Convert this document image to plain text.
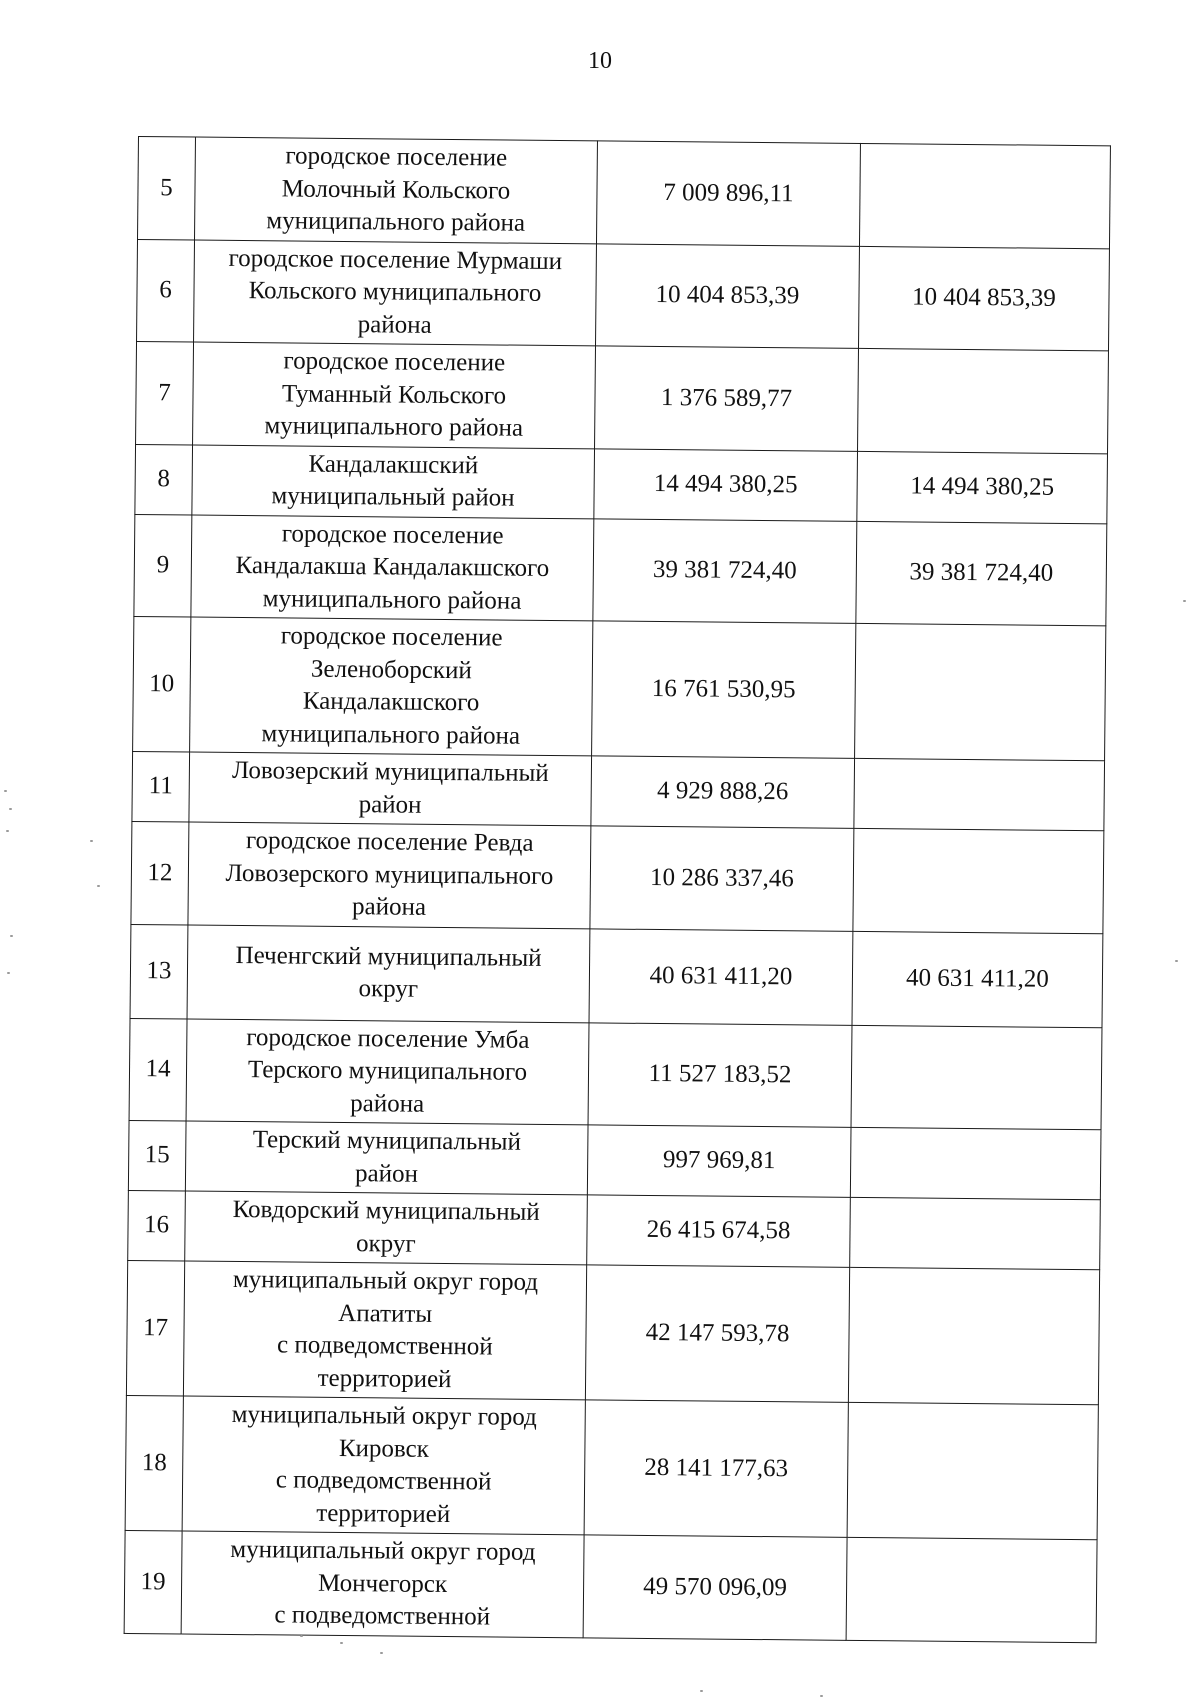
10
5	городское поселение
Молочный Кольского
муниципального района	7 009 896,11	
6	городское поселение Мурмаши
Кольского муниципального
района	10 404 853,39	10 404 853,39
7	городское поселение
Туманный Кольского
муниципального района	1 376 589,77	
8	Кандалакшский
муниципальный район	14 494 380,25	14 494 380,25
9	городское поселение
Кандалакша Кандалакшского
муниципального района	39 381 724,40	39 381 724,40
10	городское поселение
Зеленоборский
Кандалакшского
муниципального района	16 761 530,95	
11	Ловозерский муниципальный
район	4 929 888,26	
12	городское поселение Ревда
Ловозерского муниципального
района	10 286 337,46	
13	Печенгский муниципальный
округ	40 631 411,20	40 631 411,20
14	городское поселение Умба
Терского муниципального
района	11 527 183,52	
15	Терский муниципальный
район	997 969,81	
16	Ковдорский муниципальный
округ	26 415 674,58	
17	муниципальный округ город
Апатиты
с подведомственной
территорией	42 147 593,78	
18	муниципальный округ город
Кировск
с подведомственной
территорией	28 141 177,63	
19	муниципальный округ город
Мончегорск
с подведомственной	49 570 096,09	
